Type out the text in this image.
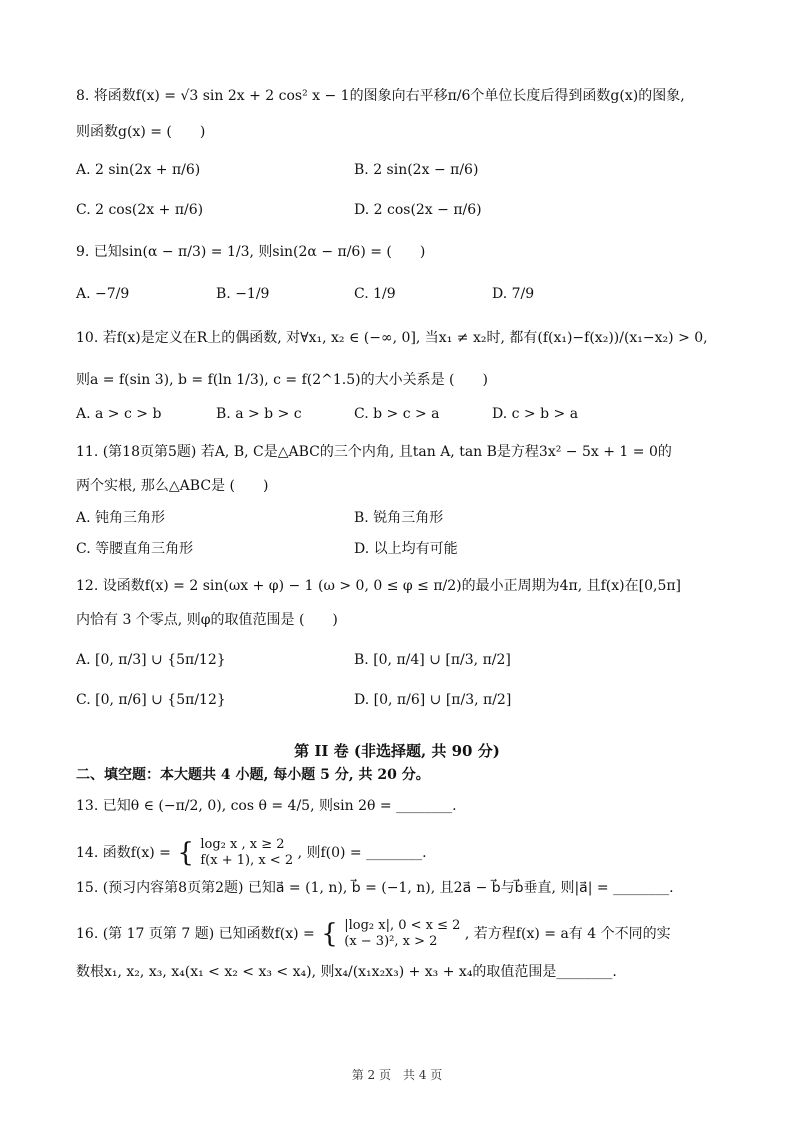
8. 将函数f(x) = √3 sin 2x + 2 cos² x − 1的图象向右平移π/6个单位长度后得到函数g(x)的图象,
则函数g(x) = (　　)
A. 2 sin(2x + π/6)	B. 2 sin(2x − π/6)
C. 2 cos(2x + π/6)	D. 2 cos(2x − π/6)
9. 已知sin(α − π/3) = 1/3, 则sin(2α − π/6) = (　　)
A. −7/9	B. −1/9	C. 1/9	D. 7/9
10. 若f(x)是定义在R上的偶函数, 对∀x₁, x₂ ∈ (−∞, 0], 当x₁ ≠ x₂时, 都有(f(x₁)−f(x₂))/(x₁−x₂) > 0,
则a = f(sin 3), b = f(ln 1/3), c = f(2^1.5)的大小关系是 (　　)
A. a > c > b	B. a > b > c	C. b > c > a	D. c > b > a
11. (第18页第5题) 若A, B, C是△ABC的三个内角, 且tan A, tan B是方程3x² − 5x + 1 = 0的
两个实根, 那么△ABC是 (　　)
A. 钝角三角形	B. 锐角三角形
C. 等腰直角三角形	D. 以上均有可能
12. 设函数f(x) = 2 sin(ωx + φ) − 1 (ω > 0, 0 ≤ φ ≤ π/2)的最小正周期为4π, 且f(x)在[0,5π]
内恰有 3 个零点, 则φ的取值范围是 (　　)
A. [0, π/3] ∪ {5π/12}	B. [0, π/4] ∪ [π/3, π/2]
C. [0, π/6] ∪ {5π/12}	D. [0, π/6] ∪ [π/3, π/2]
第 II 卷 (非选择题, 共 90 分)
二、填空题：本大题共 4 小题, 每小题 5 分, 共 20 分。
13. 已知θ ∈ (−π/2, 0), cos θ = 4/5, 则sin 2θ = ________.
14. 函数f(x) = { log₂ x , x ≥ 2
f(x + 1), x < 2 , 则f(0) = ________.
15. (预习内容第8页第2题) 已知a⃗ = (1, n), b⃗ = (−1, n), 且2a⃗ − b⃗与b⃗垂直, 则|a⃗| = ________.
16. (第 17 页第 7 题) 已知函数f(x) = { |log₂ x|, 0 < x ≤ 2
(x − 3)², x > 2	, 若方程f(x) = a有 4 个不同的实
数根x₁, x₂, x₃, x₄(x₁ < x₂ < x₃ < x₄), 则x₄/(x₁x₂x₃) + x₃ + x₄的取值范围是________.
第 2 页　共 4 页
